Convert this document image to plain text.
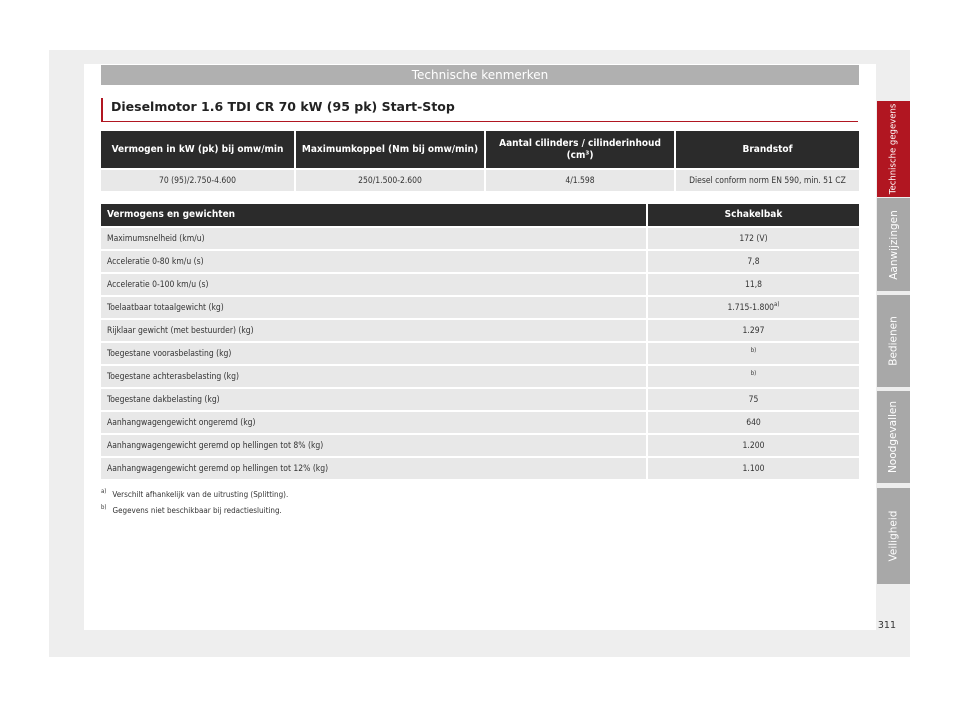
Technische kenmerken
Dieselmotor 1.6 TDI CR 70 kW (95 pk) Start-Stop
Vermogen in kW (pk) bij omw/min	Maximumkoppel (Nm bij omw/min)	Aantal cilinders / cilinderinhoud (cm³)	Brandstof
70 (95)/2.750-4.600	250/1.500-2.600	4/1.598	Diesel conform norm EN 590, min. 51 CZ
Vermogens en gewichten	Schakelbak
Maximumsnelheid (km/u)	172 (V)
Acceleratie 0-80 km/u (s)	7,8
Acceleratie 0-100 km/u (s)	11,8
Toelaatbaar totaalgewicht (kg)	1.715-1.800$^{a)}$
Rijklaar gewicht (met bestuurder) (kg)	1.297
Toegestane voorasbelasting (kg)	$^{b)}$
Toegestane achterasbelasting (kg)	$^{b)}$
Toegestane dakbelasting (kg)	75
Aanhangwagengewicht ongeremd (kg)	640
Aanhangwagengewicht geremd op hellingen tot 8% (kg)	1.200
Aanhangwagengewicht geremd op hellingen tot 12% (kg)	1.100
$^{a)}$ Verschilt afhankelijk van de uitrusting (Splitting).
$^{b)}$ Gegevens niet beschikbaar bij redactiesluiting.
Technische gegevens
Aanwijzingen
Bedienen
Noodgevallen
Veiligheid
311
